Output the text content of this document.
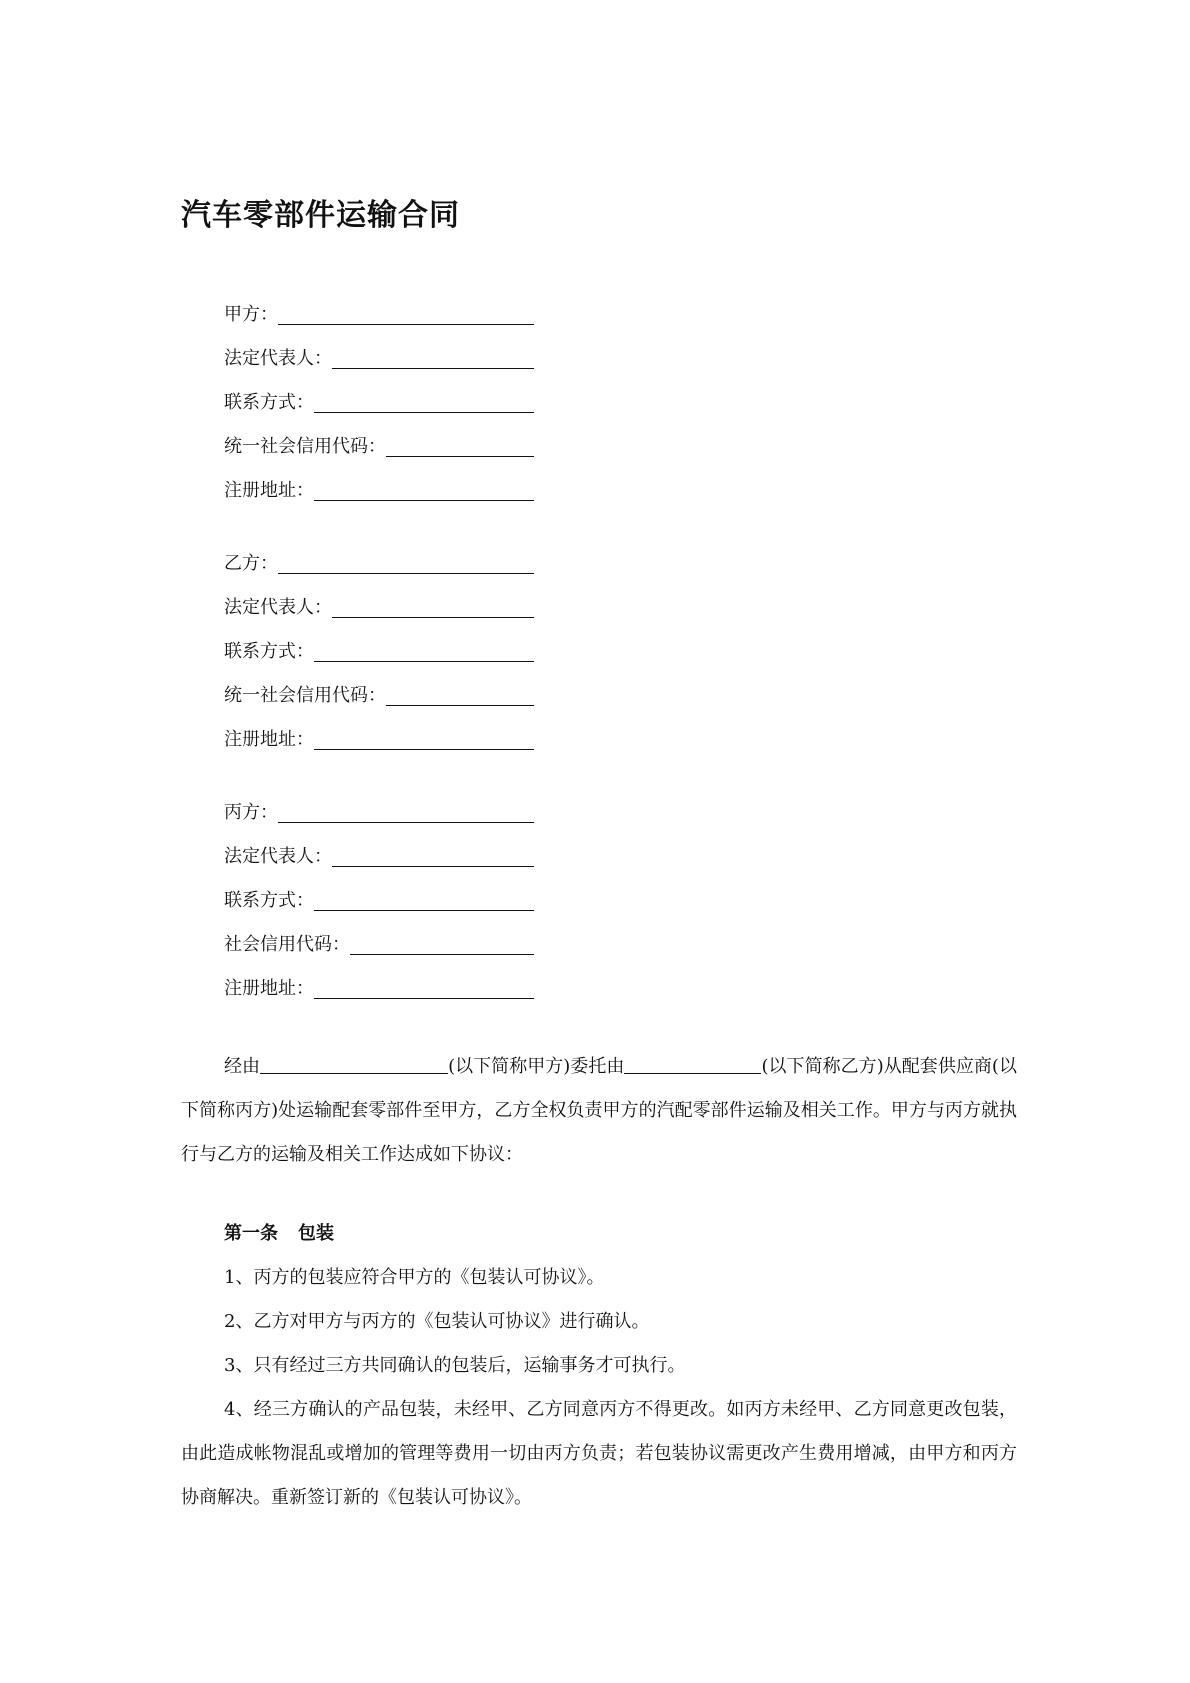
汽车零部件运输合同
甲方：
法定代表人：
联系方式：
统一社会信用代码：
注册地址：
乙方：
法定代表人：
联系方式：
统一社会信用代码：
注册地址：
丙方：
法定代表人：
联系方式：
社会信用代码：
注册地址：

经由	(以下简称甲方)委托由	(以下简称乙方)从配套供应商(以下简称丙方)处运输配套零部件至甲方，乙方全权负责甲方的汽配零部件运输及相关工作。甲方与丙方就执行与乙方的运输及相关工作达成如下协议：

第一条 包装

1、丙方的包装应符合甲方的《包装认可协议》。

2、乙方对甲方与丙方的《包装认可协议》进行确认。

3、只有经过三方共同确认的包装后，运输事务才可执行。

4、经三方确认的产品包装，未经甲、乙方同意丙方不得更改。如丙方未经甲、乙方同意更改包装，由此造成帐物混乱或增加的管理等费用一切由丙方负责；若包装协议需更改产生费用增减，由甲方和丙方协商解决。重新签订新的《包装认可协议》。
